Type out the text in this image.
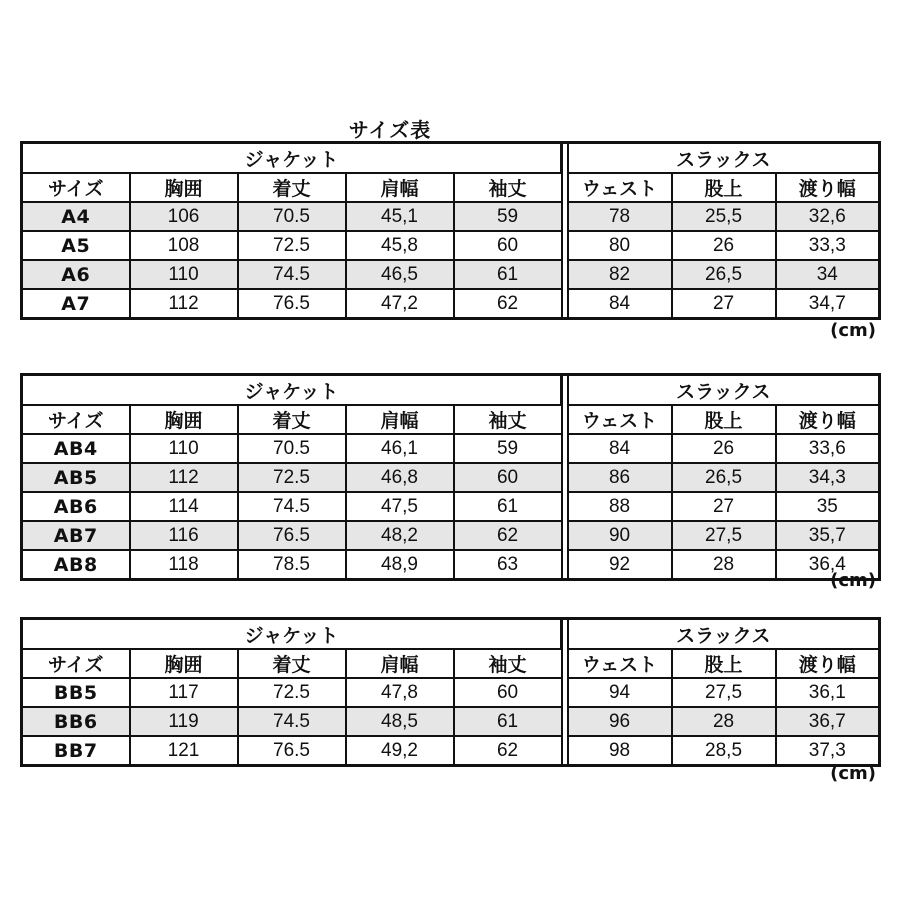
サイズ表
ジャケット						スラックス		
サイズ	胸囲	着丈	肩幅	袖丈		ウェスト	股上	渡り幅
A4	106	70.5	45,1	59		78	25,5	32,6
A5	108	72.5	45,8	60		80	26	33,3
A6	110	74.5	46,5	61		82	26,5	34
A7	112	76.5	47,2	62		84	27	34,7
(cm)
ジャケット						スラックス		
サイズ	胸囲	着丈	肩幅	袖丈		ウェスト	股上	渡り幅
AB4	110	70.5	46,1	59		84	26	33,6
AB5	112	72.5	46,8	60		86	26,5	34,3
AB6	114	74.5	47,5	61		88	27	35
AB7	116	76.5	48,2	62		90	27,5	35,7
AB8	118	78.5	48,9	63		92	28	36,4
(cm)
ジャケット						スラックス		
サイズ	胸囲	着丈	肩幅	袖丈		ウェスト	股上	渡り幅
BB5	117	72.5	47,8	60		94	27,5	36,1
BB6	119	74.5	48,5	61		96	28	36,7
BB7	121	76.5	49,2	62		98	28,5	37,3
(cm)
